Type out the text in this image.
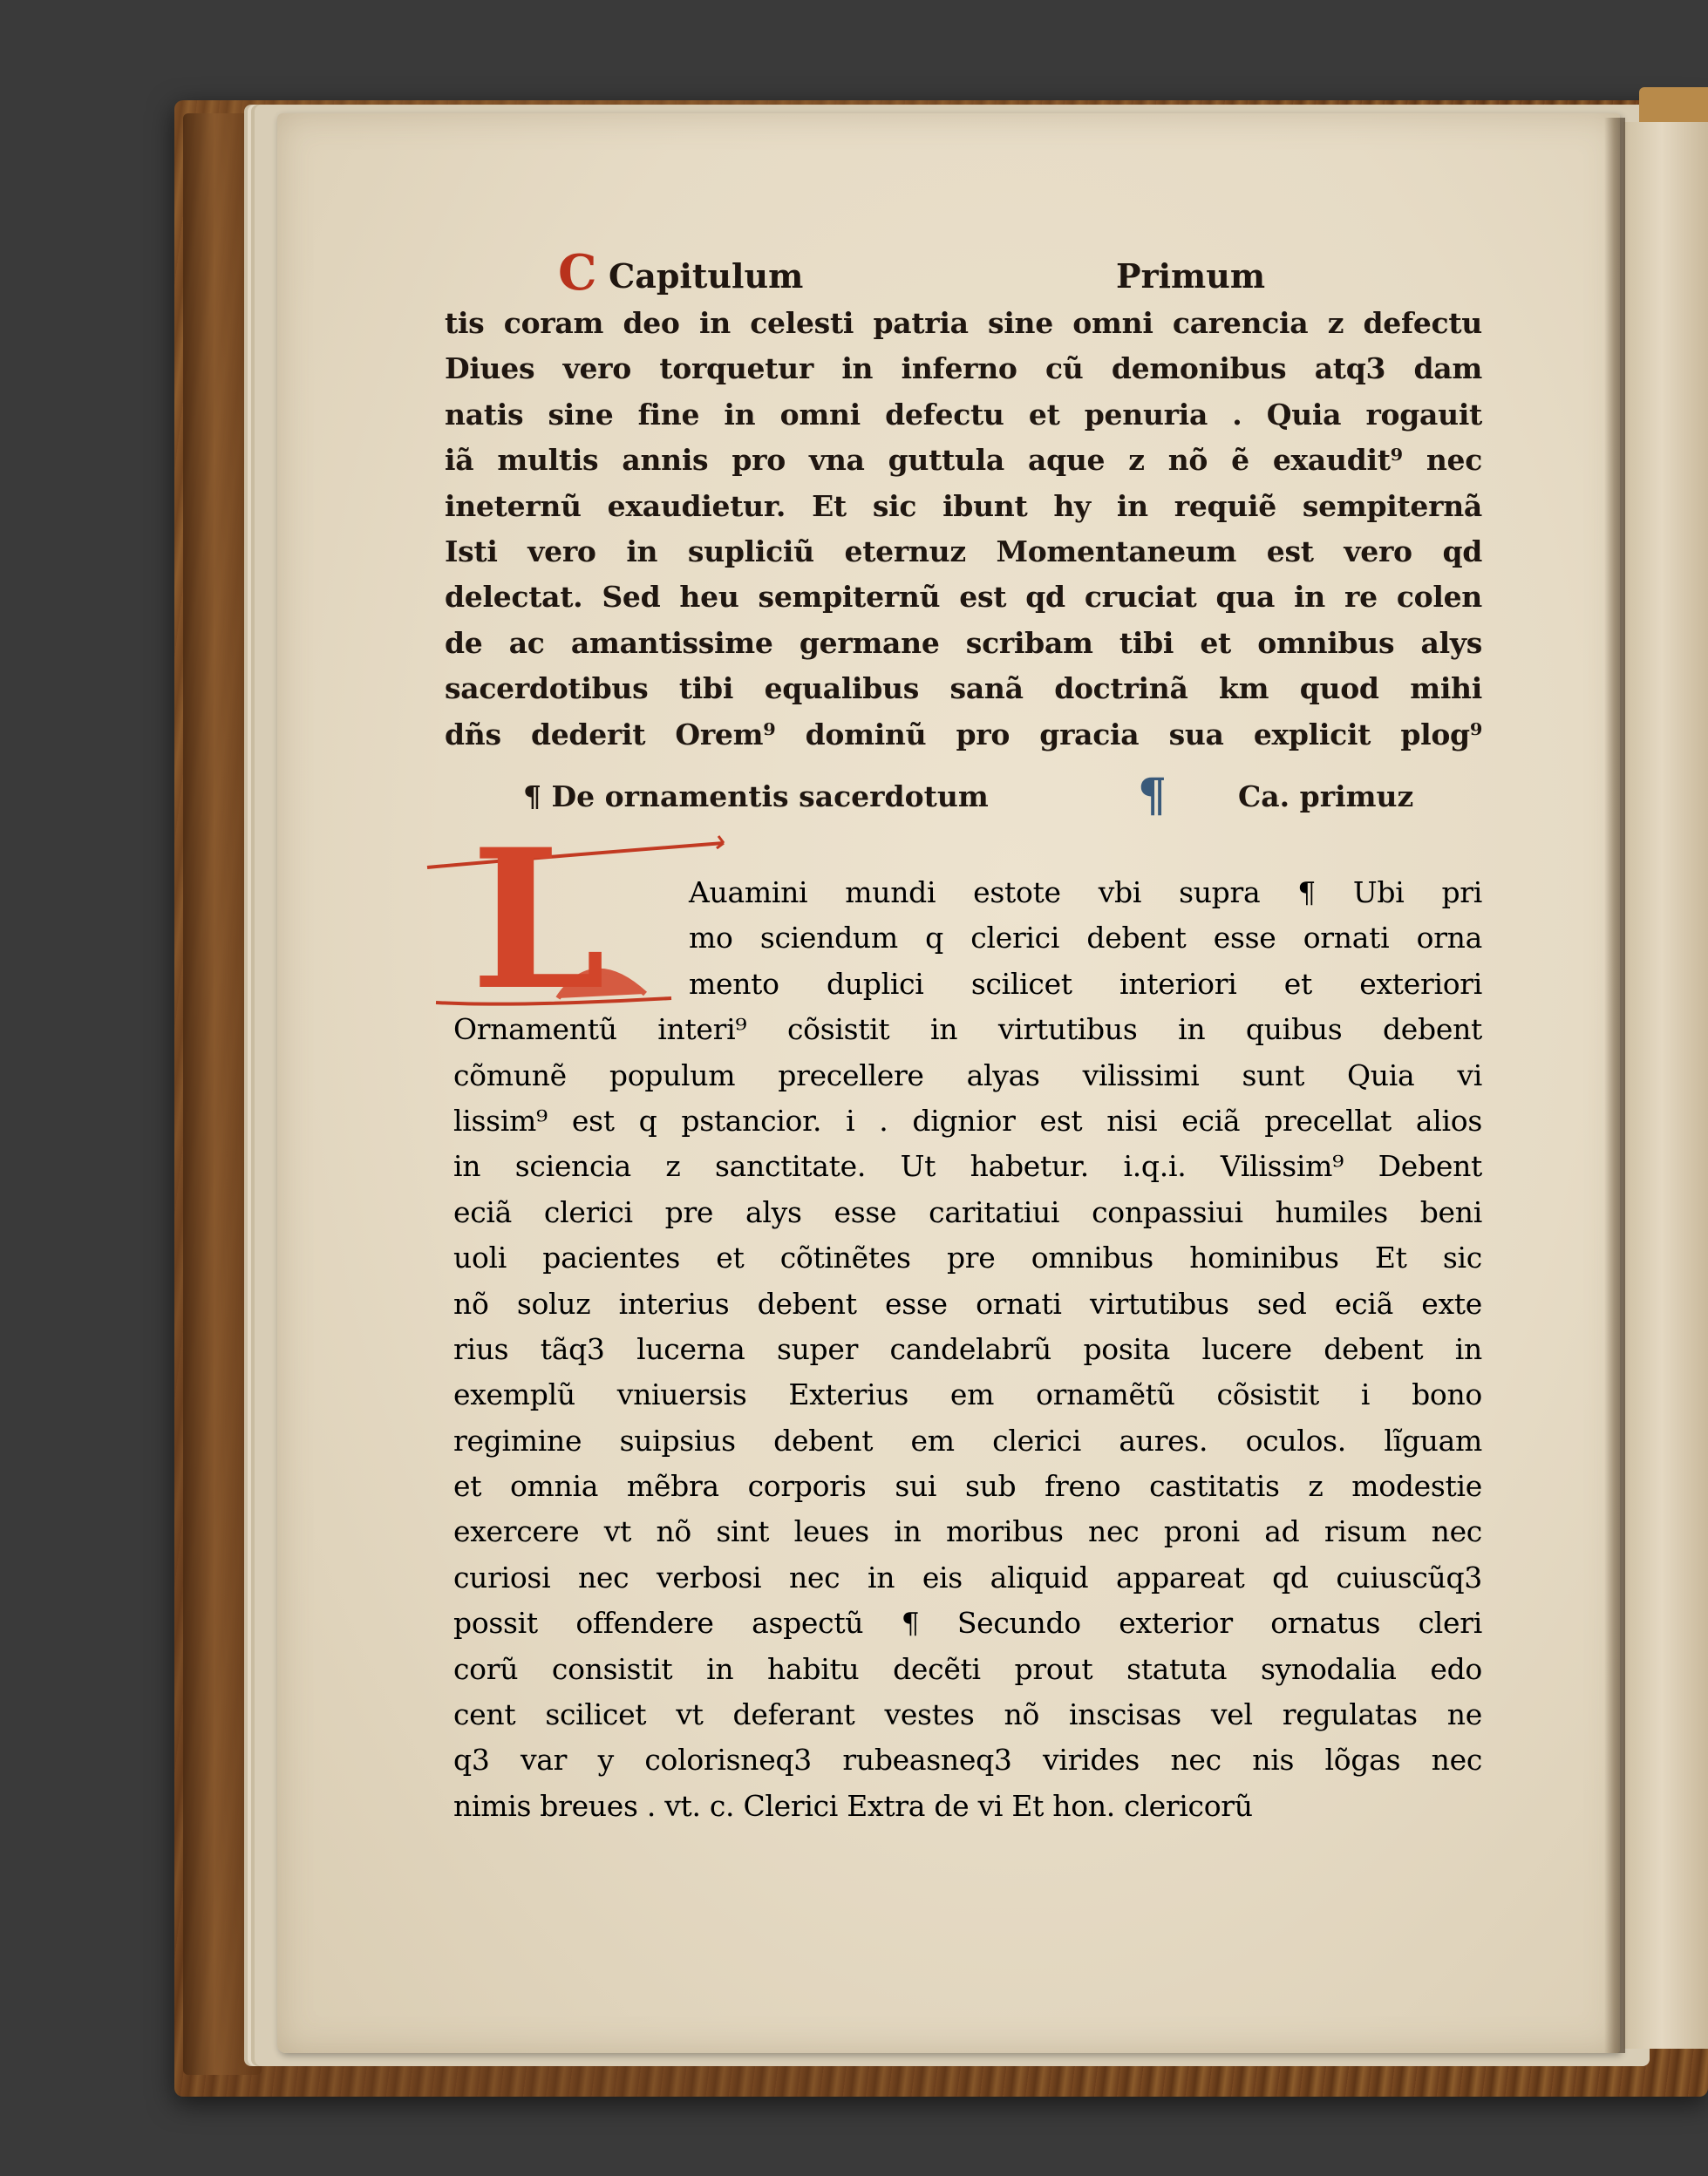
C Capitulum	Primum
tis coram deo in celesti patria sine omni carencia z defectu
Diues vero torquetur in inferno cũ demonibus atq3 dam
natis sine fine in omni defectu et penuria . Quia rogauit
iã multis annis pro vna guttula aque z nõ ẽ exaudit⁹ nec
ineternũ exaudietur. Et sic ibunt hy in requiẽ sempiternã
Isti vero in supliciũ eternuz Momentaneum est vero qd
delectat. Sed heu sempiternũ est qd cruciat qua in re colen
de ac amantissime germane scribam tibi et omnibus alys
sacerdotibus tibi equalibus sanã doctrinã km quod mihi
dñs dederit Orem⁹ dominũ pro gracia sua explicit plog⁹
¶ De ornamentis sacerdotum	¶ Ca. primuz
L	Auamini mundi estote vbi supra ¶ Ubi pri
mo sciendum q clerici debent esse ornati orna
mento duplici scilicet interiori et exteriori
Ornamentũ interi⁹ cõsistit in virtutibus in quibus debent
cõmunẽ populum precellere alyas vilissimi sunt Quia vi
lissim⁹ est q pstancior. i . dignior est nisi eciã precellat alios
in sciencia z sanctitate. Ut habetur. i.q.i. Vilissim⁹ Debent
eciã clerici pre alys esse caritatiui conpassiui humiles beni
uoli pacientes et cõtinẽtes pre omnibus hominibus Et sic
nõ soluz interius debent esse ornati virtutibus sed eciã exte
rius tãq3 lucerna super candelabrũ posita lucere debent in
exemplũ vniuersis Exterius em ornamẽtũ cõsistit i bono
regimine suipsius debent em clerici aures. oculos. lĩguam
et omnia mẽbra corporis sui sub freno castitatis z modestie
exercere vt nõ sint leues in moribus nec proni ad risum nec
curiosi nec verbosi nec in eis aliquid appareat qd cuiuscũq3
possit offendere aspectũ ¶ Secundo exterior ornatus cleri
corũ consistit in habitu decẽti prout statuta synodalia edo
cent scilicet vt deferant vestes nõ inscisas vel regulatas ne
q3 var y colorisneq3 rubeasneq3 virides nec nis lõgas nec
nimis breues . vt. c. Clerici Extra de vi Et hon. clericorũ
